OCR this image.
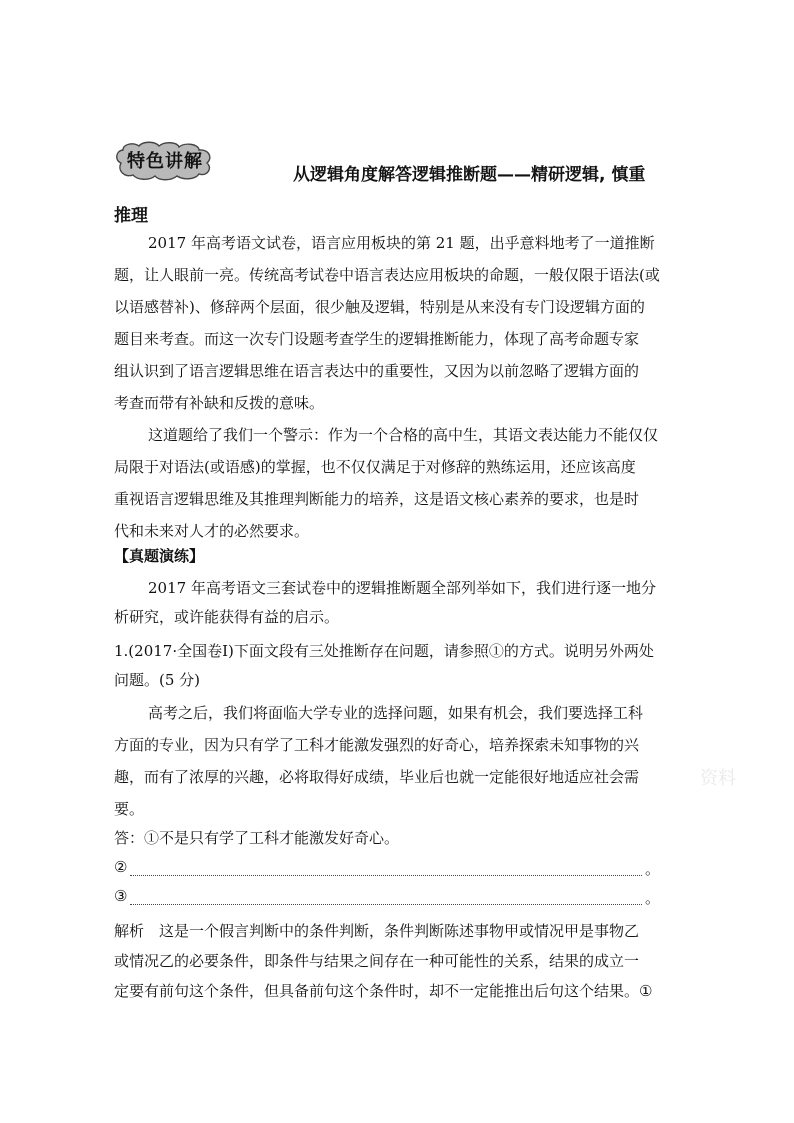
特色讲解
从逻辑角度解答逻辑推断题——精研逻辑, 慎重
推理
2017 年高考语文试卷，语言应用板块的第 21 题，出乎意料地考了一道推断
题，让人眼前一亮。传统高考试卷中语言表达应用板块的命题，一般仅限于语法(或
以语感替补)、修辞两个层面，很少触及逻辑，特别是从来没有专门设逻辑方面的
题目来考查。而这一次专门设题考查学生的逻辑推断能力，体现了高考命题专家
组认识到了语言逻辑思维在语言表达中的重要性，又因为以前忽略了逻辑方面的
考查而带有补缺和反拨的意味。
这道题给了我们一个警示：作为一个合格的高中生，其语文表达能力不能仅仅
局限于对语法(或语感)的掌握，也不仅仅满足于对修辞的熟练运用，还应该高度
重视语言逻辑思维及其推理判断能力的培养，这是语文核心素养的要求，也是时
代和未来对人才的必然要求。
【真题演练】
2017 年高考语文三套试卷中的逻辑推断题全部列举如下，我们进行逐一地分
析研究，或许能获得有益的启示。
1.(2017·全国卷Ⅰ)下面文段有三处推断存在问题，请参照①的方式。说明另外两处
问题。(5 分)
高考之后，我们将面临大学专业的选择问题，如果有机会，我们要选择工科
方面的专业，因为只有学了工科才能激发强烈的好奇心，培养探索未知事物的兴
趣，而有了浓厚的兴趣，必将取得好成绩，毕业后也就一定能很好地适应社会需
要。
答：①不是只有学了工科才能激发好奇心。
②	。
③	。
解析　这是一个假言判断中的条件判断，条件判断陈述事物甲或情况甲是事物乙
或情况乙的必要条件，即条件与结果之间存在一种可能性的关系，结果的成立一
定要有前句这个条件，但具备前句这个条件时，却不一定能推出后句这个结果。①
资料
